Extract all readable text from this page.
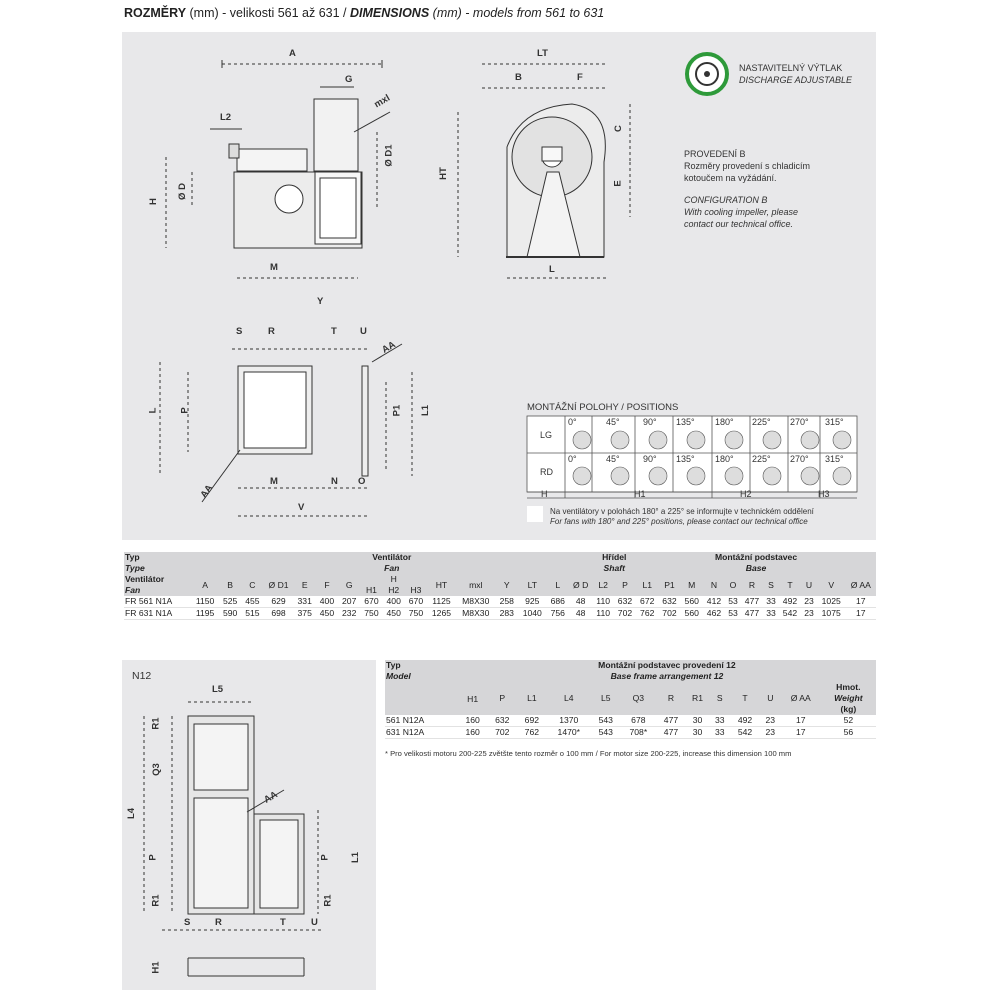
ROZMĚRY (mm) - velikosti 561 až 631 / DIMENSIONS (mm) - models from 561 to 631
A
G
L2
mxl
Ø D1
Ø D
H
M
LT
B	F
C
E
HT
L
Y
S	R	T U
AA
L P	P1 L1
AA
M	N O
V
NASTAVITELNÝ VÝTLAK
DISCHARGE ADJUSTABLE
PROVEDENÍ B
Rozměry provedení s chladicím
kotoučem na vyžádání.

CONFIGURATION B
With cooling impeller, please
contact our technical office.
MONTÁŽNÍ POLOHY / POSITIONS
LG
RD
0°	45°	90° 135° 180° 225° 270° 315°
0°	45°	90° 135° 180° 225° 270° 315°
H	H1	H2	H3
Na ventilátory v polohách 180° a 225° se informujte v technickém oddělení
For fans with 180° and 225° positions, please contact our technical office
Typ
Type	Ventilátor
Fan																Hřídel
Shaft		Montážní podstavec
Base										
Ventilátor
Fan	A	B	C	Ø D1	E	F	G	H			HT	mxl	Y	LT	L	Ø D	L2	P	L1	P1	M	N	O	R	S	T	U	V	Ø AA
								H1	H2	H3																			
FR 561 N1A	1150	525	455	629	331	400	207	670	400	670	1125	M8X30	258	925	686	48	110	632	672	632	560	412	53	477	33	492	23	1025	17
FR 631 N1A	1195	590	515	698	375	450	232	750	450	750	1265	M8X30	283	1040	756	48	110	702	762	702	560	462	53	477	33	542	23	1075	17
N12
L5
R1
Q3
L4
AA
P	P L1
R1	R1
S	R	T	U
H1
Typ
Model	Montážní podstavec provedení 12
Base frame arrangement 12												
	H1	P	L1	L4	L5	Q3	R	R1	S	T	U	Ø AA	Hmot.
Weight
(kg)
561 N12A	160	632	692	1370	543	678	477	30	33	492	23	17	52
631 N12A	160	702	762	1470*	543	708*	477	30	33	542	23	17	56
* Pro velikosti motoru 200-225 zvětšte tento rozměr o 100 mm / For motor size 200-225, increase this dimension 100 mm
